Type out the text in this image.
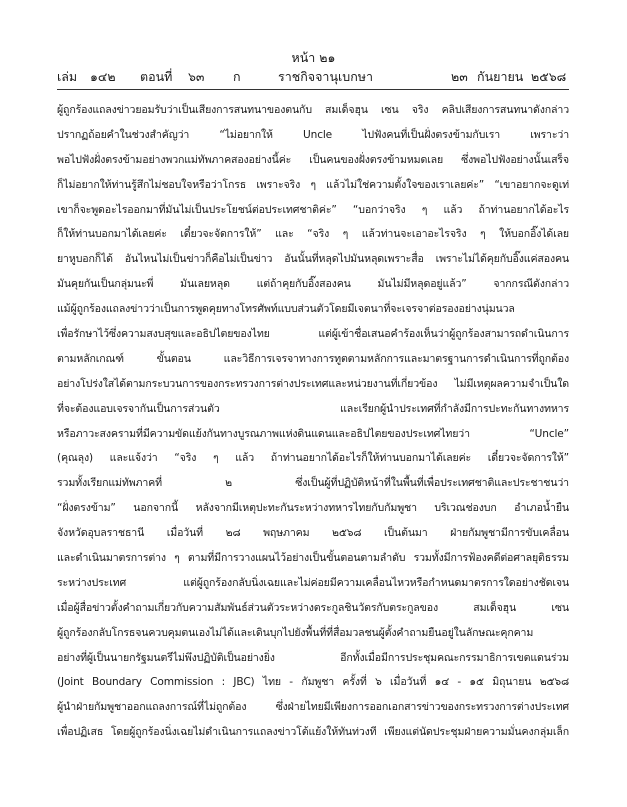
หน้า ๒๑
เล่ม ๑๔๒ ตอนที่ ๖๓ ก	ราชกิจจานุเบกษา	๒๓ กันยายน ๒๕๖๘
ผู้ถูกร้องแถลงข่าวยอมรับว่าเป็นเสียงการสนทนาของตนกับ สมเด็จฮุน เซน จริง คลิปเสียงการสนทนาดังกล่าว
ปรากฏถ้อยคำในช่วงสำคัญว่า “ไม่อยากให้ Uncle ไปฟังคนที่เป็นฝั่งตรงข้ามกับเรา เพราะว่า
พอไปฟังฝั่งตรงข้ามอย่างพวกแม่ทัพภาคสองอย่างนี้ค่ะ เป็นคนของฝั่งตรงข้ามหมดเลย ซึ่งพอไปฟังอย่างนั้นเสร็จ
ก็ไม่อยากให้ท่านรู้สึกไม่ชอบใจหรือว่าโกรธ เพราะจริง ๆ แล้วไม่ใช่ความตั้งใจของเราเลยค่ะ” “เขาอยากจะดูเท่
เขาก็จะพูดอะไรออกมาที่มันไม่เป็นประโยชน์ต่อประเทศชาติค่ะ” “บอกว่าจริง ๆ แล้ว ถ้าท่านอยากได้อะไร
ก็ให้ท่านบอกมาได้เลยค่ะ เดี๋ยวจะจัดการให้” และ “จริง ๆ แล้วท่านจะเอาอะไรจริง ๆ ให้บอกอิ๊งได้เลย
ยาหูบอกก็ได้ อันไหนไม่เป็นข่าวก็คือไม่เป็นข่าว อันนั้นที่หลุดไปมันหลุดเพราะสื่อ เพราะไม่ได้คุยกับอิ๊งแค่สองคน
มันคุยกันเป็นกลุ่มนะพี่ มันเลยหลุด แต่ถ้าคุยกับอิ๊งสองคน มันไม่มีหลุดอยู่แล้ว” จากกรณีดังกล่าว
แม้ผู้ถูกร้องแถลงข่าวว่าเป็นการพูดคุยทางโทรศัพท์แบบส่วนตัวโดยมีเจตนาที่จะเจรจาต่อรองอย่างนุ่มนวล
เพื่อรักษาไว้ซึ่งความสงบสุขและอธิปไตยของไทย แต่ผู้เข้าชื่อเสนอคำร้องเห็นว่าผู้ถูกร้องสามารถดำเนินการ
ตามหลักเกณฑ์ ขั้นตอน และวิธีการเจรจาทางการทูตตามหลักการและมาตรฐานการดำเนินการที่ถูกต้อง
อย่างโปร่งใสได้ตามกระบวนการของกระทรวงการต่างประเทศและหน่วยงานที่เกี่ยวข้อง ไม่มีเหตุผลความจำเป็นใด
ที่จะต้องแอบเจรจากันเป็นการส่วนตัว และเรียกผู้นำประเทศที่กำลังมีการปะทะกันทางทหาร
หรือภาวะสงครามที่มีความขัดแย้งกันทางบูรณภาพแห่งดินแดนและอธิปไตยของประเทศไทยว่า “Uncle”
(คุณลุง) และแจ้งว่า “จริง ๆ แล้ว ถ้าท่านอยากได้อะไรก็ให้ท่านบอกมาได้เลยค่ะ เดี๋ยวจะจัดการให้”
รวมทั้งเรียกแม่ทัพภาคที่ ๒ ซึ่งเป็นผู้ที่ปฏิบัติหน้าที่ในพื้นที่เพื่อประเทศชาติและประชาชนว่า
“ฝั่งตรงข้าม” นอกจากนี้ หลังจากมีเหตุปะทะกันระหว่างทหารไทยกับกัมพูชา บริเวณช่องบก อำเภอน้ำยืน
จังหวัดอุบลราชธานี เมื่อวันที่ ๒๘ พฤษภาคม ๒๕๖๘ เป็นต้นมา ฝ่ายกัมพูชามีการขับเคลื่อน
และดำเนินมาตรการต่าง ๆ ตามที่มีการวางแผนไว้อย่างเป็นขั้นตอนตามลำดับ รวมทั้งมีการฟ้องคดีต่อศาลยุติธรรม
ระหว่างประเทศ แต่ผู้ถูกร้องกลับนิ่งเฉยและไม่ค่อยมีความเคลื่อนไหวหรือกำหนดมาตรการใดอย่างชัดเจน
เมื่อผู้สื่อข่าวตั้งคำถามเกี่ยวกับความสัมพันธ์ส่วนตัวระหว่างตระกูลชินวัตรกับตระกูลของ สมเด็จฮุน เซน
ผู้ถูกร้องกลับโกรธจนควบคุมตนเองไม่ได้และเดินบุกไปยังพื้นที่ที่สื่อมวลชนผู้ตั้งคำถามยืนอยู่ในลักษณะคุกคาม
อย่างที่ผู้เป็นนายกรัฐมนตรีไม่พึงปฏิบัติเป็นอย่างยิ่ง อีกทั้งเมื่อมีการประชุมคณะกรรมาธิการเขตแดนร่วม
(Joint Boundary Commission : JBC) ไทย - กัมพูชา ครั้งที่ ๖ เมื่อวันที่ ๑๔ - ๑๕ มิถุนายน ๒๕๖๘
ผู้นำฝ่ายกัมพูชาออกแถลงการณ์ที่ไม่ถูกต้อง ซึ่งฝ่ายไทยมีเพียงการออกเอกสารข่าวของกระทรวงการต่างประเทศ
เพื่อปฏิเสธ โดยผู้ถูกร้องนิ่งเฉยไม่ดำเนินการแถลงข่าวโต้แย้งให้ทันท่วงที เพียงแต่นัดประชุมฝ่ายความมั่นคงกลุ่มเล็ก
